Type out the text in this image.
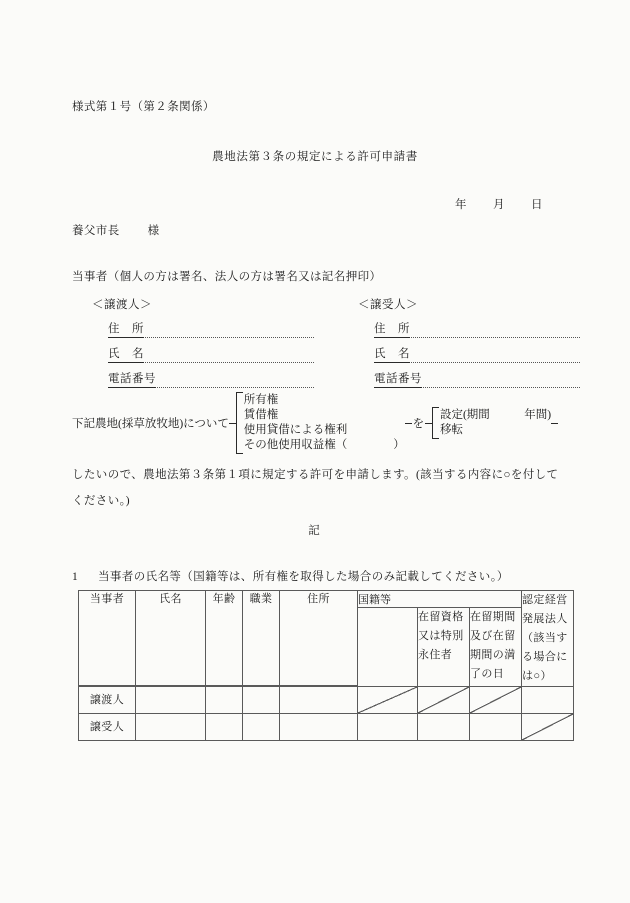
様式第１号（第２条関係）
農地法第３条の規定による許可申請書
年 月 日
養父市長 様
当事者（個人の方は署名、法人の方は署名又は記名押印）
＜譲渡人＞
住　所
氏　名
電話番号
＜譲受人＞
住　所
氏　名
電話番号
下記農地(採草放牧地)について
所有権
賃借権
使用貸借による権利
その他使用収益権（　　　　）
を
設定(期間　　　年間)
移転
したいので、農地法第３条第１項に規定する許可を申請します。(該当する内容に○を付して
ください。)
記
1 当事者の氏名等（国籍等は、所有権を取得した場合のみ記載してください。）
当事者	氏名	年齢	職業	住所	国籍等			認定経営発展法人（該当する場合には○）
						在留資格又は特別永住者	在留期間及び在留期間の満了の日	

譲渡人								
譲受人								
